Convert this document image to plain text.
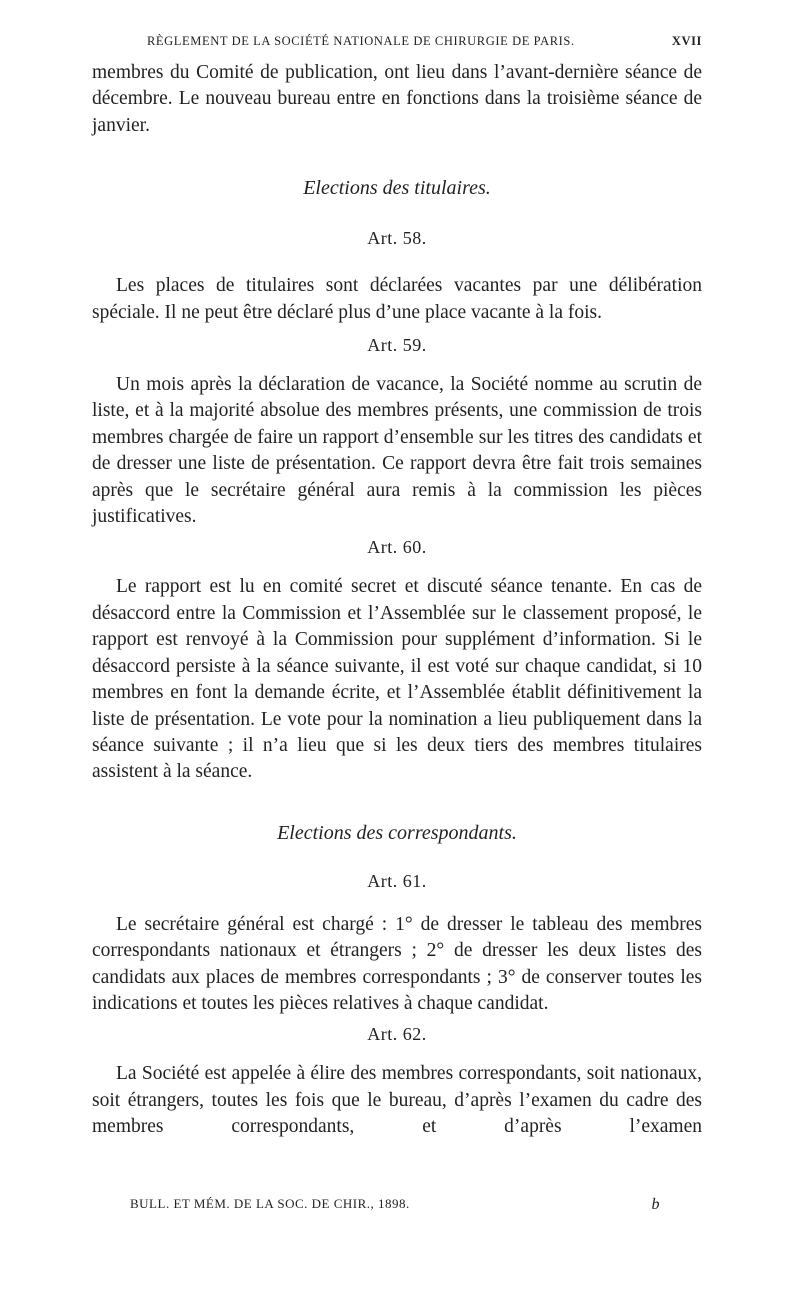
RÈGLEMENT DE LA SOCIÉTÉ NATIONALE DE CHIRURGIE DE PARIS.	XVII

membres du Comité de publication, ont lieu dans l’avant-dernière séance de décembre. Le nouveau bureau entre en fonctions dans la troisième séance de janvier.

Elections des titulaires.

Art. 58.

Les places de titulaires sont déclarées vacantes par une délibération spéciale. Il ne peut être déclaré plus d’une place vacante à la fois.

Art. 59.

Un mois après la déclaration de vacance, la Société nomme au scrutin de liste, et à la majorité absolue des membres présents, une commission de trois membres chargée de faire un rapport d’ensemble sur les titres des candidats et de dresser une liste de présentation. Ce rapport devra être fait trois semaines après que le secrétaire général aura remis à la commission les pièces justificatives.

Art. 60.

Le rapport est lu en comité secret et discuté séance tenante. En cas de désaccord entre la Commission et l’Assemblée sur le classement proposé, le rapport est renvoyé à la Commission pour supplément d’information. Si le désaccord persiste à la séance suivante, il est voté sur chaque candidat, si 10 membres en font la demande écrite, et l’Assemblée établit définitivement la liste de présentation. Le vote pour la nomination a lieu publiquement dans la séance suivante ; il n’a lieu que si les deux tiers des membres titulaires assistent à la séance.

Elections des correspondants.

Art. 61.

Le secrétaire général est chargé : 1° de dresser le tableau des membres correspondants nationaux et étrangers ; 2° de dresser les deux listes des candidats aux places de membres correspondants ; 3° de conserver toutes les indications et toutes les pièces relatives à chaque candidat.

Art. 62.

La Société est appelée à élire des membres correspondants, soit nationaux, soit étrangers, toutes les fois que le bureau, d’après l’examen du cadre des membres correspondants, et d’après l’examen

BULL. ET MÉM. DE LA SOC. DE CHIR., 1898.	b
